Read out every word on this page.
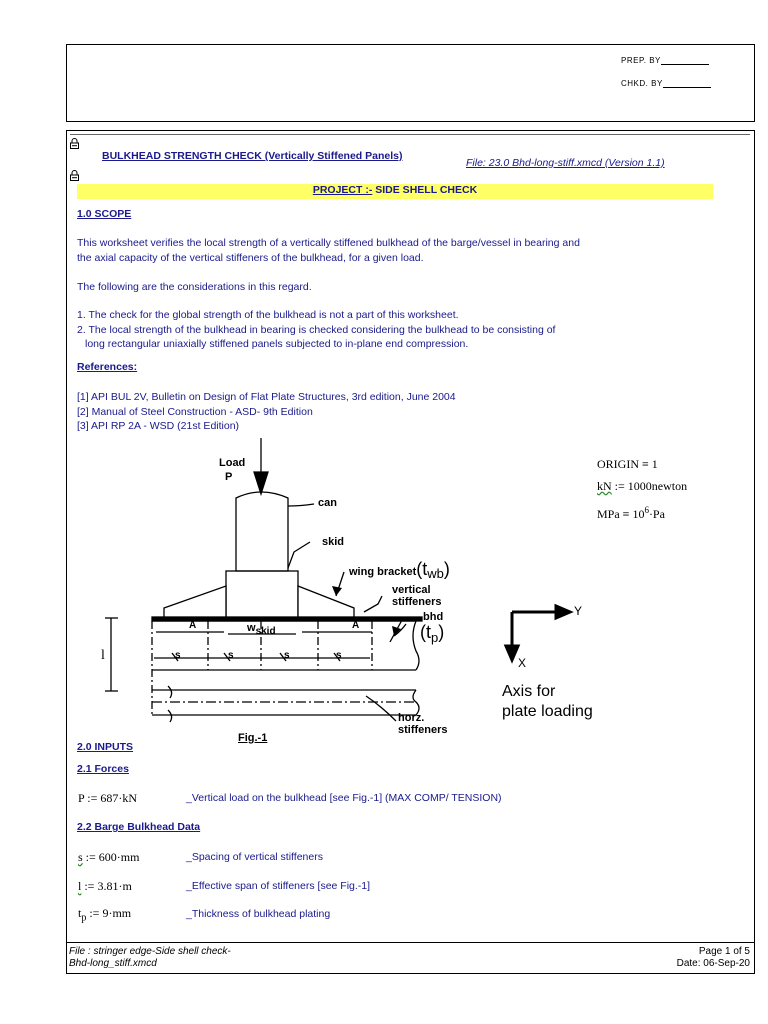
PREP. BY
CHKD. BY
BULKHEAD STRENGTH CHECK (Vertically Stiffened Panels)
File: 23.0 Bhd-long-stiff.xmcd (Version 1.1)
PROJECT :- SIDE SHELL CHECK
1.0 SCOPE
This worksheet verifies the local strength of a vertically stiffened bulkhead of the barge/vessel in bearing and
the axial capacity of the vertical stiffeners of the bulkhead, for a given load.
The following are the considerations in this regard.
1. The check for the global strength of the bulkhead is not a part of this worksheet.
2. The local strength of the bulkhead in bearing is checked considering the bulkhead to be consisting of
long rectangular uniaxially stiffened panels subjected to in-plane end compression.
References:
[1] API BUL 2V, Bulletin on Design of Flat Plate Structures, 3rd edition, June 2004
[2] Manual of Steel Construction - ASD- 9th Edition
[3] API RP 2A - WSD (21st Edition)
ORIGIN ≡ 1
kN := 1000newton
MPa ≡ $10^6\cdot Pa$
Load
P
can
skid
wing $bracket(t_{wb})$
vertical
stiffeners
bhd
$(t_p)$
A	A
$w_{skid}$
s	s	s	s
l
horz.
stiffeners
Fig.-1
Y
X
Axis for
plate loading
2.0 INPUTS
2.1 Forces
P := 687·kN	_Vertical load on the bulkhead [see Fig.-1] (MAX COMP/ TENSION)
2.2 Barge Bulkhead Data
s := 600·mm	_Spacing of vertical stiffeners
l := 3.81·m	_Effective span of stiffeners [see Fig.-1]
$t_p$ := 9·mm	_Thickness of bulkhead plating
File : stringer edge-Side shell check-
Bhd-long_stiff.xmcd
Page 1 of 5
Date: 06-Sep-20
